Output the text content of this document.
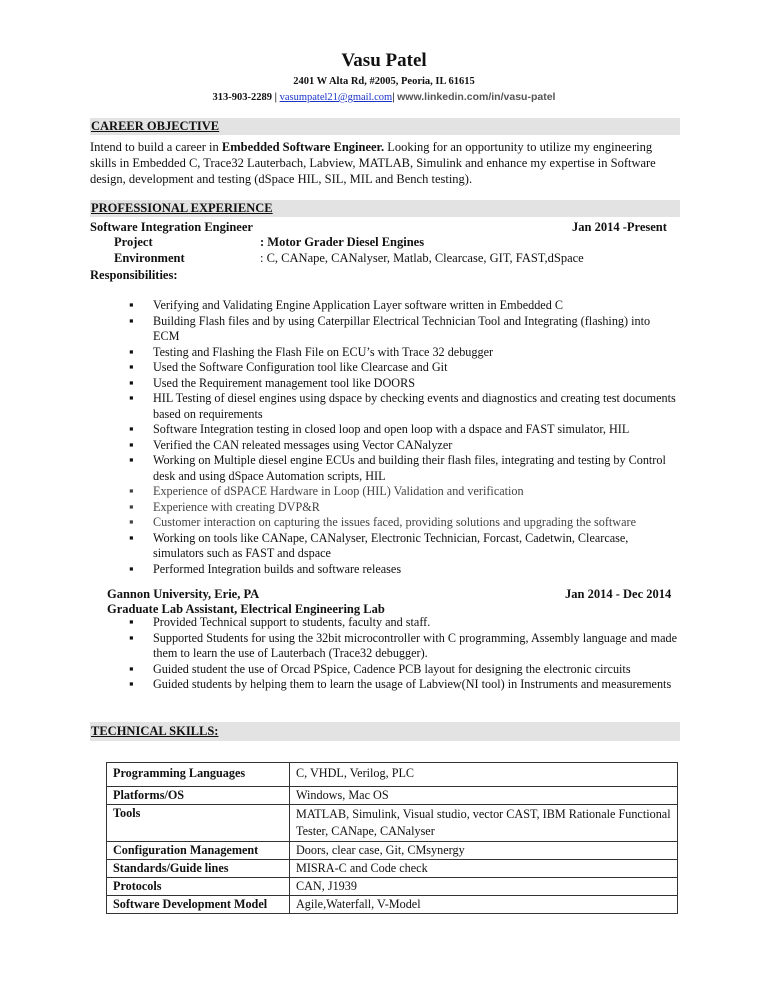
Vasu Patel
2401 W Alta Rd, #2005, Peoria, IL 61615
313-903-2289 | vasumpatel21@gmail.com| www.linkedin.com/in/vasu-patel
CAREER OBJECTIVE
Intend to build a career in Embedded Software Engineer. Looking for an opportunity to utilize my engineering skills in Embedded C, Trace32 Lauterbach, Labview, MATLAB, Simulink and enhance my expertise in Software design, development and testing (dSpace HIL, SIL, MIL and Bench testing).
PROFESSIONAL EXPERIENCE
Software Integration Engineer	Jan 2014 -Present
Project	: Motor Grader Diesel Engines
Environment	: C, CANape, CANalyser, Matlab, Clearcase, GIT, FAST,dSpace
Responsibilities:
▪ Verifying and Validating Engine Application Layer software written in Embedded C
▪ Building Flash files and by using Caterpillar Electrical Technician Tool and Integrating (flashing) into ECM
▪ Testing and Flashing the Flash File on ECU’s with Trace 32 debugger
▪ Used the Software Configuration tool like Clearcase and Git
▪ Used the Requirement management tool like DOORS
▪ HIL Testing of diesel engines using dspace by checking events and diagnostics and creating test documents based on requirements
▪ Software Integration testing in closed loop and open loop with a dspace and FAST simulator, HIL
▪ Verified the CAN releated messages using Vector CANalyzer
▪ Working on Multiple diesel engine ECUs and building their flash files, integrating and testing by Control desk and using dSpace Automation scripts, HIL
▪ Experience of dSPACE Hardware in Loop (HIL) Validation and verification
▪ Experience with creating DVP&R
▪ Customer interaction on capturing the issues faced, providing solutions and upgrading the software
▪ Working on tools like CANape, CANalyser, Electronic Technician, Forcast, Cadetwin, Clearcase, simulators such as FAST and dspace
▪ Performed Integration builds and software releases
Gannon University, Erie, PA	Jan 2014 - Dec 2014
Graduate Lab Assistant, Electrical Engineering Lab
▪ Provided Technical support to students, faculty and staff.
▪ Supported Students for using the 32bit microcontroller with C programming, Assembly language and made them to learn the use of Lauterbach (Trace32 debugger).
▪ Guided student the use of Orcad PSpice, Cadence PCB layout for designing the electronic circuits
▪ Guided students by helping them to learn the usage of Labview(NI tool) in Instruments and measurements
TECHNICAL SKILLS:
Programming Languages	C, VHDL, Verilog, PLC
Platforms/OS	Windows, Mac OS
Tools	MATLAB, Simulink, Visual studio, vector CAST, IBM Rationale Functional Tester, CANape, CANalyser
Configuration Management	Doors, clear case, Git, CMsynergy
Standards/Guide lines	MISRA-C and Code check
Protocols	CAN, J1939
Software Development Model	Agile,Waterfall, V-Model
